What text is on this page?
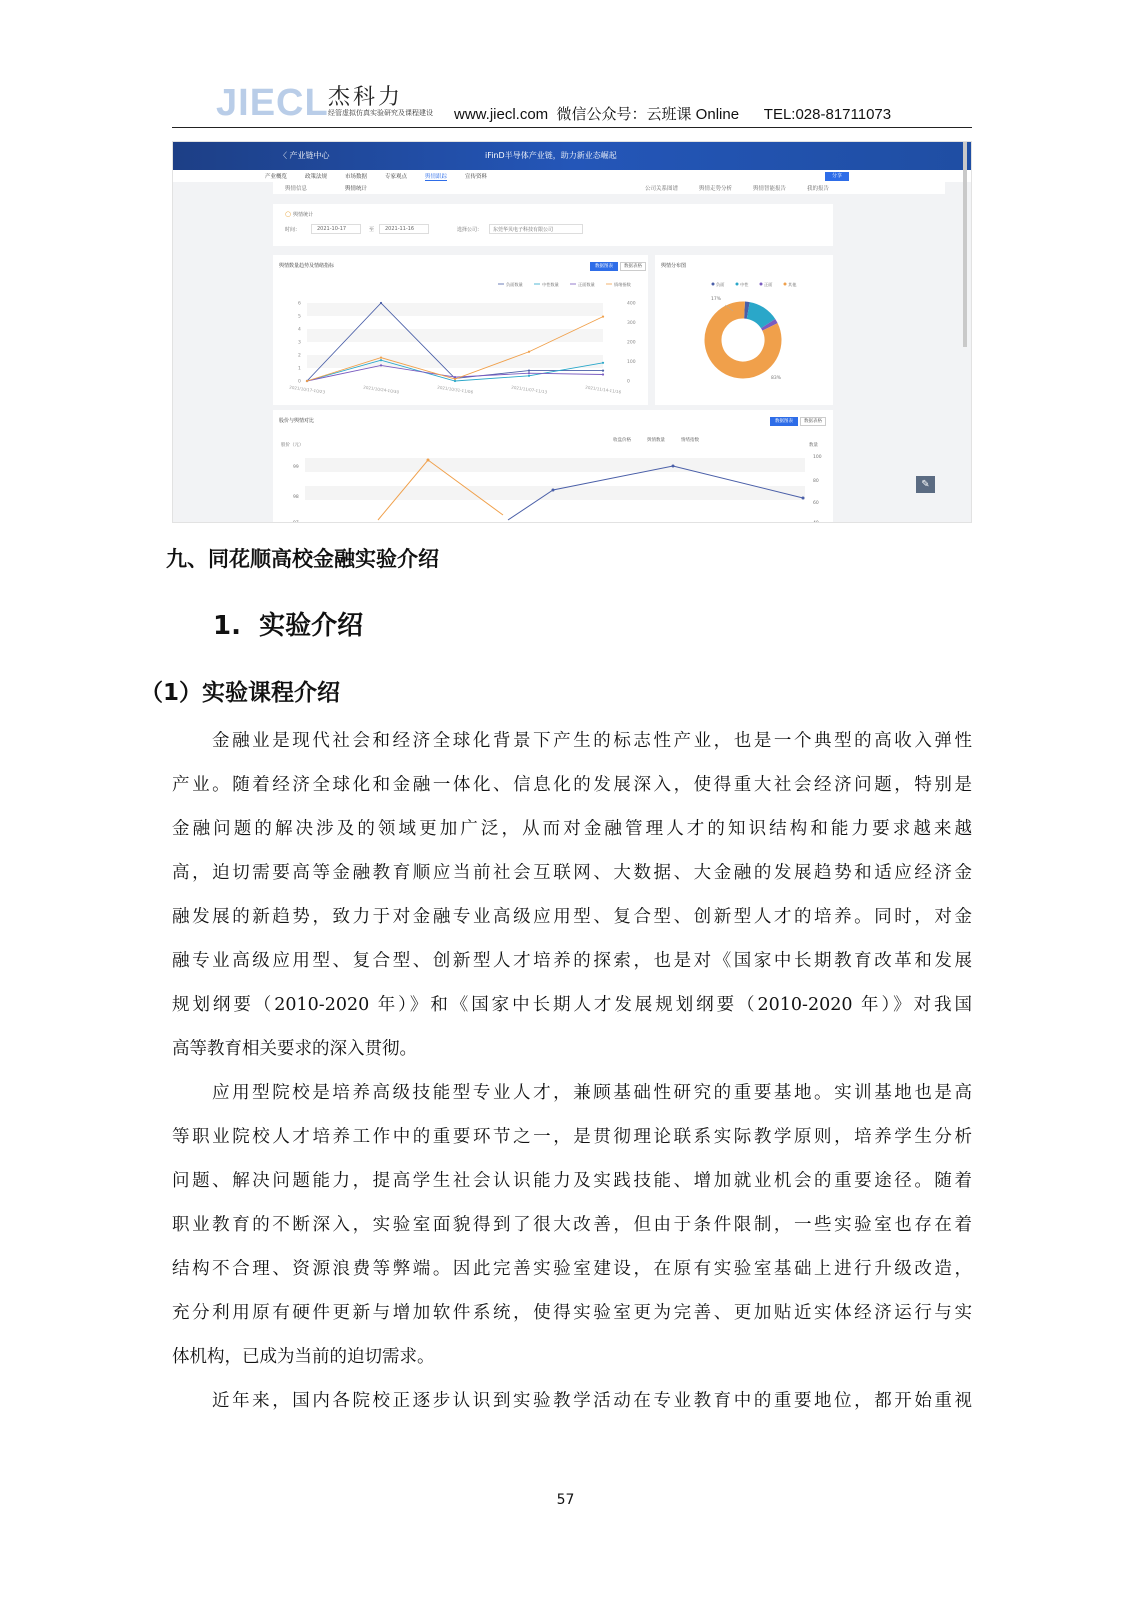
JIECL 杰科力
经管虚拟仿真实验研究及课程建设 www.jiecl.com  微信公众号：云班课 Online      TEL:028-81711073
〈 产业链中心	iFinD半导体产业链，助力新业态崛起
产业概览	政策法规	市场数据	专家观点	舆情跟踪	宣传资料	分享
舆情信息	舆情统计	公司关系图谱	舆情走势分析	舆情智能报告	我的报告
○ 舆情统计
时间：	2021-10-17	至 2021-11-16	选择公司： 东莞华贝电子科技有限公司
舆情数量趋势及情绪指标	数据图表	数据表格
0
1
2
3
4
5
6
0
100
200
300
400
2021/10/17-10/23	2021/10/24-10/30	2021/10/31-11/06	2021/11/07-11/13	2021/11/14-11/16
负面数量	中性数量	正面数量	情绪指数
舆情分布图
负面	中性	正面	其他
17%
83%
股价与舆情对比	数据图表	数据表格
收盘价格	舆情数量	情绪指数
股价（元）
98
99
97
数量
100
80
60
40
✎
九、同花顺高校金融实验介绍
1.  实验介绍
（1）实验课程介绍
金融业是现代社会和经济全球化背景下产生的标志性产业，也是一个典型的高收入弹性
产业。随着经济全球化和金融一体化、信息化的发展深入，使得重大社会经济问题，特别是
金融问题的解决涉及的领域更加广泛，从而对金融管理人才的知识结构和能力要求越来越
高，迫切需要高等金融教育顺应当前社会互联网、大数据、大金融的发展趋势和适应经济金
融发展的新趋势，致力于对金融专业高级应用型、复合型、创新型人才的培养。同时，对金
融专业高级应用型、复合型、创新型人才培养的探索，也是对《国家中长期教育改革和发展
规划纲要（2010-2020 年）》和《国家中长期人才发展规划纲要（2010-2020 年）》对我国
高等教育相关要求的深入贯彻。
应用型院校是培养高级技能型专业人才，兼顾基础性研究的重要基地。实训基地也是高
等职业院校人才培养工作中的重要环节之一，是贯彻理论联系实际教学原则，培养学生分析
问题、解决问题能力，提高学生社会认识能力及实践技能、增加就业机会的重要途径。随着
职业教育的不断深入，实验室面貌得到了很大改善，但由于条件限制，一些实验室也存在着
结构不合理、资源浪费等弊端。因此完善实验室建设，在原有实验室基础上进行升级改造，
充分利用原有硬件更新与增加软件系统，使得实验室更为完善、更加贴近实体经济运行与实
体机构，已成为当前的迫切需求。
近年来，国内各院校正逐步认识到实验教学活动在专业教育中的重要地位，都开始重视
57
